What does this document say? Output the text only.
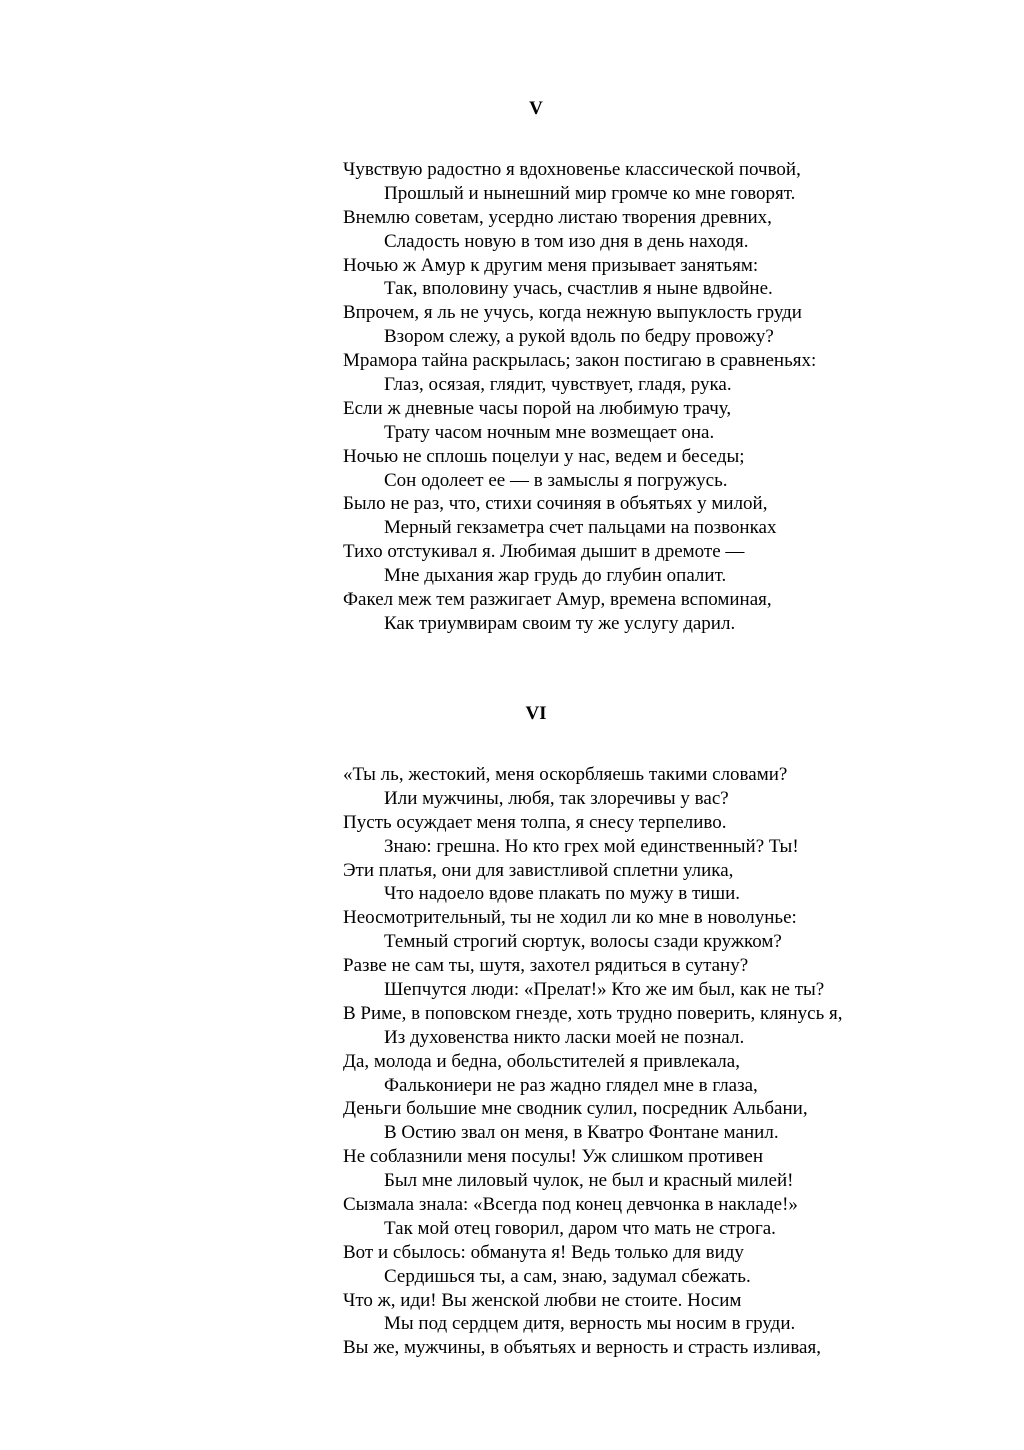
V
Чувствую радостно я вдохновенье классической почвой,
Прошлый и нынешний мир громче ко мне говорят.
Внемлю советам, усердно листаю творения древних,
Сладость новую в том изо дня в день находя.
Ночью ж Амур к другим меня призывает занятьям:
Так, вполовину учась, счастлив я ныне вдвойне.
Впрочем, я ль не учусь, когда нежную выпуклость груди
Взором слежу, а рукой вдоль по бедру провожу?
Мрамора тайна раскрылась; закон постигаю в сравненьях:
Глаз, осязая, глядит, чувствует, гладя, рука.
Если ж дневные часы порой на любимую трачу,
Трату часом ночным мне возмещает она.
Ночью не сплошь поцелуи у нас, ведем и беседы;
Сон одолеет ее — в замыслы я погружусь.
Было не раз, что, стихи сочиняя в объятьях у милой,
Мерный гекзаметра счет пальцами на позвонках
Тихо отстукивал я. Любимая дышит в дремоте —
Мне дыхания жар грудь до глубин опалит.
Факел меж тем разжигает Амур, времена вспоминая,
Как триумвирам своим ту же услугу дарил.
VI
«Ты ль, жестокий, меня оскорбляешь такими словами?
Или мужчины, любя, так злоречивы у вас?
Пусть осуждает меня толпа, я снесу терпеливо.
Знаю: грешна. Но кто грех мой единственный? Ты!
Эти платья, они для завистливой сплетни улика,
Что надоело вдове плакать по мужу в тиши.
Неосмотрительный, ты не ходил ли ко мне в новолунье:
Темный строгий сюртук, волосы сзади кружком?
Разве не сам ты, шутя, захотел рядиться в сутану?
Шепчутся люди: «Прелат!» Кто же им был, как не ты?
В Риме, в поповском гнезде, хоть трудно поверить, клянусь я,
Из духовенства никто ласки моей не познал.
Да, молода и бедна, обольстителей я привлекала,
Фалькониери не раз жадно глядел мне в глаза,
Деньги большие мне сводник сулил, посредник Альбани,
В Остию звал он меня, в Кватро Фонтане манил.
Не соблазнили меня посулы! Уж слишком противен
Был мне лиловый чулок, не был и красный милей!
Сызмала знала: «Всегда под конец девчонка в накладе!»
Так мой отец говорил, даром что мать не строга.
Вот и сбылось: обманута я! Ведь только для виду
Сердишься ты, а сам, знаю, задумал сбежать.
Что ж, иди! Вы женской любви не стоите. Носим
Мы под сердцем дитя, верность мы носим в груди.
Вы же, мужчины, в объятьях и верность и страсть изливая,
